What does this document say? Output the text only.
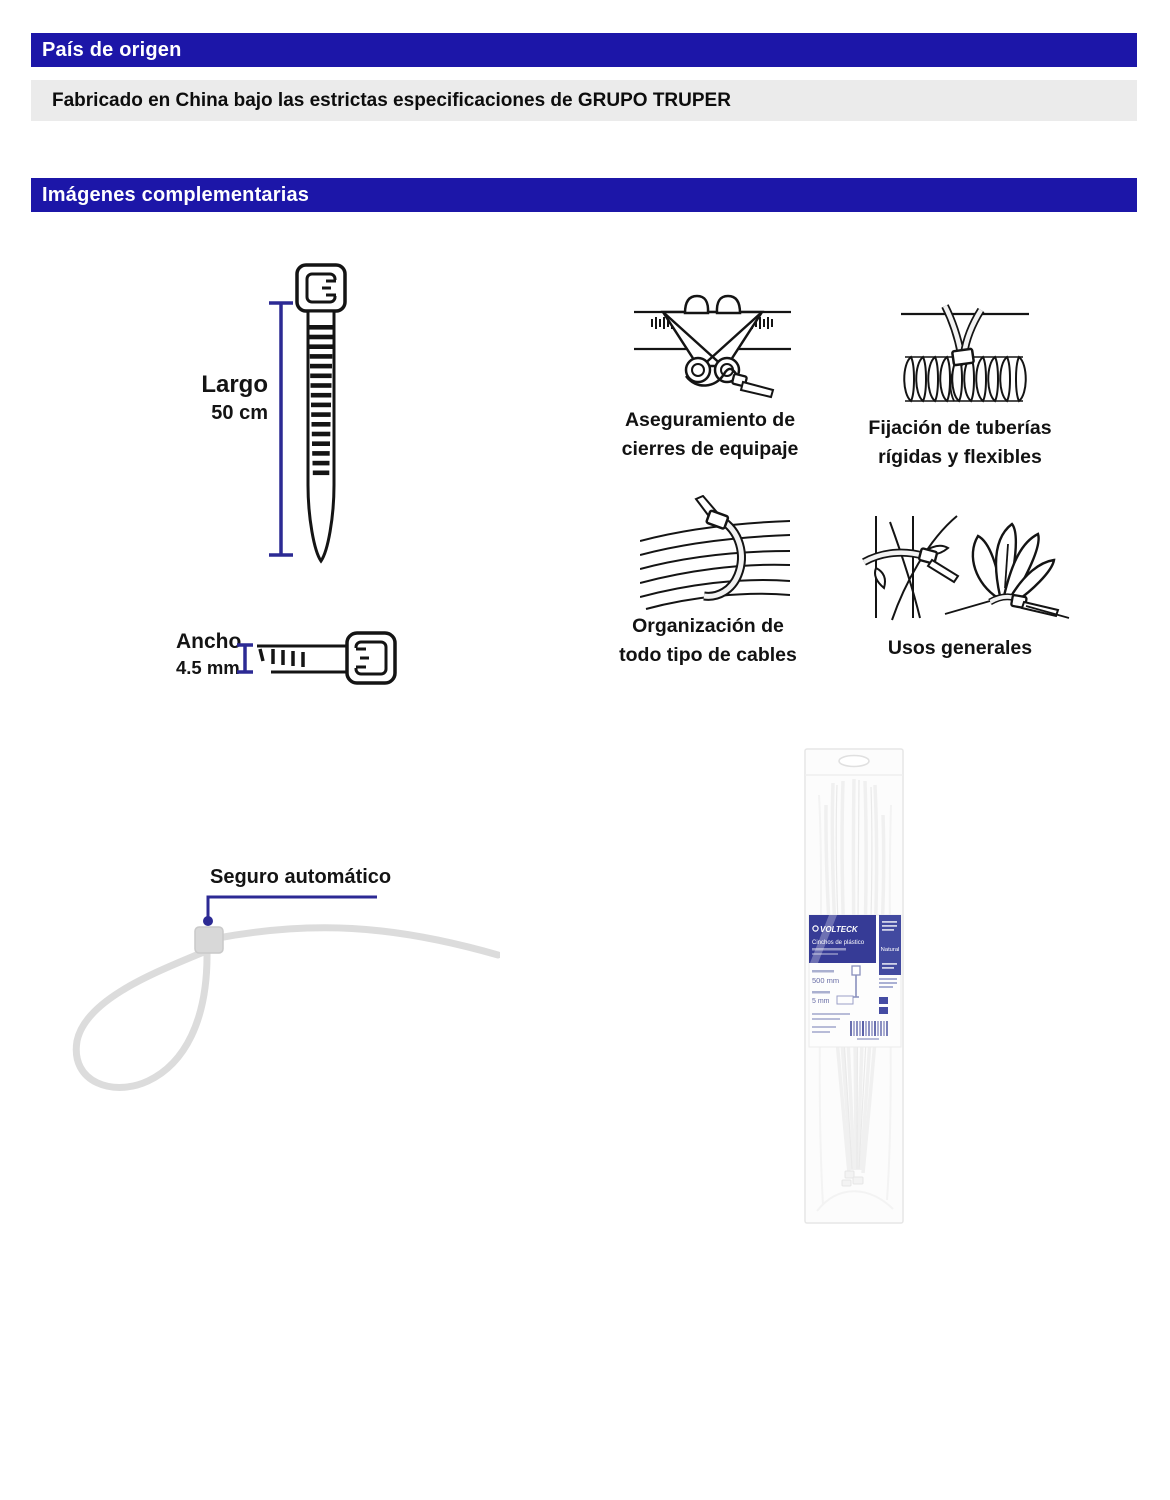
País de origen
Fabricado en China bajo las estrictas especificaciones de GRUPO TRUPER
Imágenes complementarias
Largo
50 cm
Ancho
4.5 mm
Aseguramiento de
cierres de equipaje
Fijación de tuberías
rígidas y flexibles
Organización de
todo tipo de cables	Usos generales
Seguro automático
VOLTECK
Cinchos de plástico
Natural
500 mm
5 mm
